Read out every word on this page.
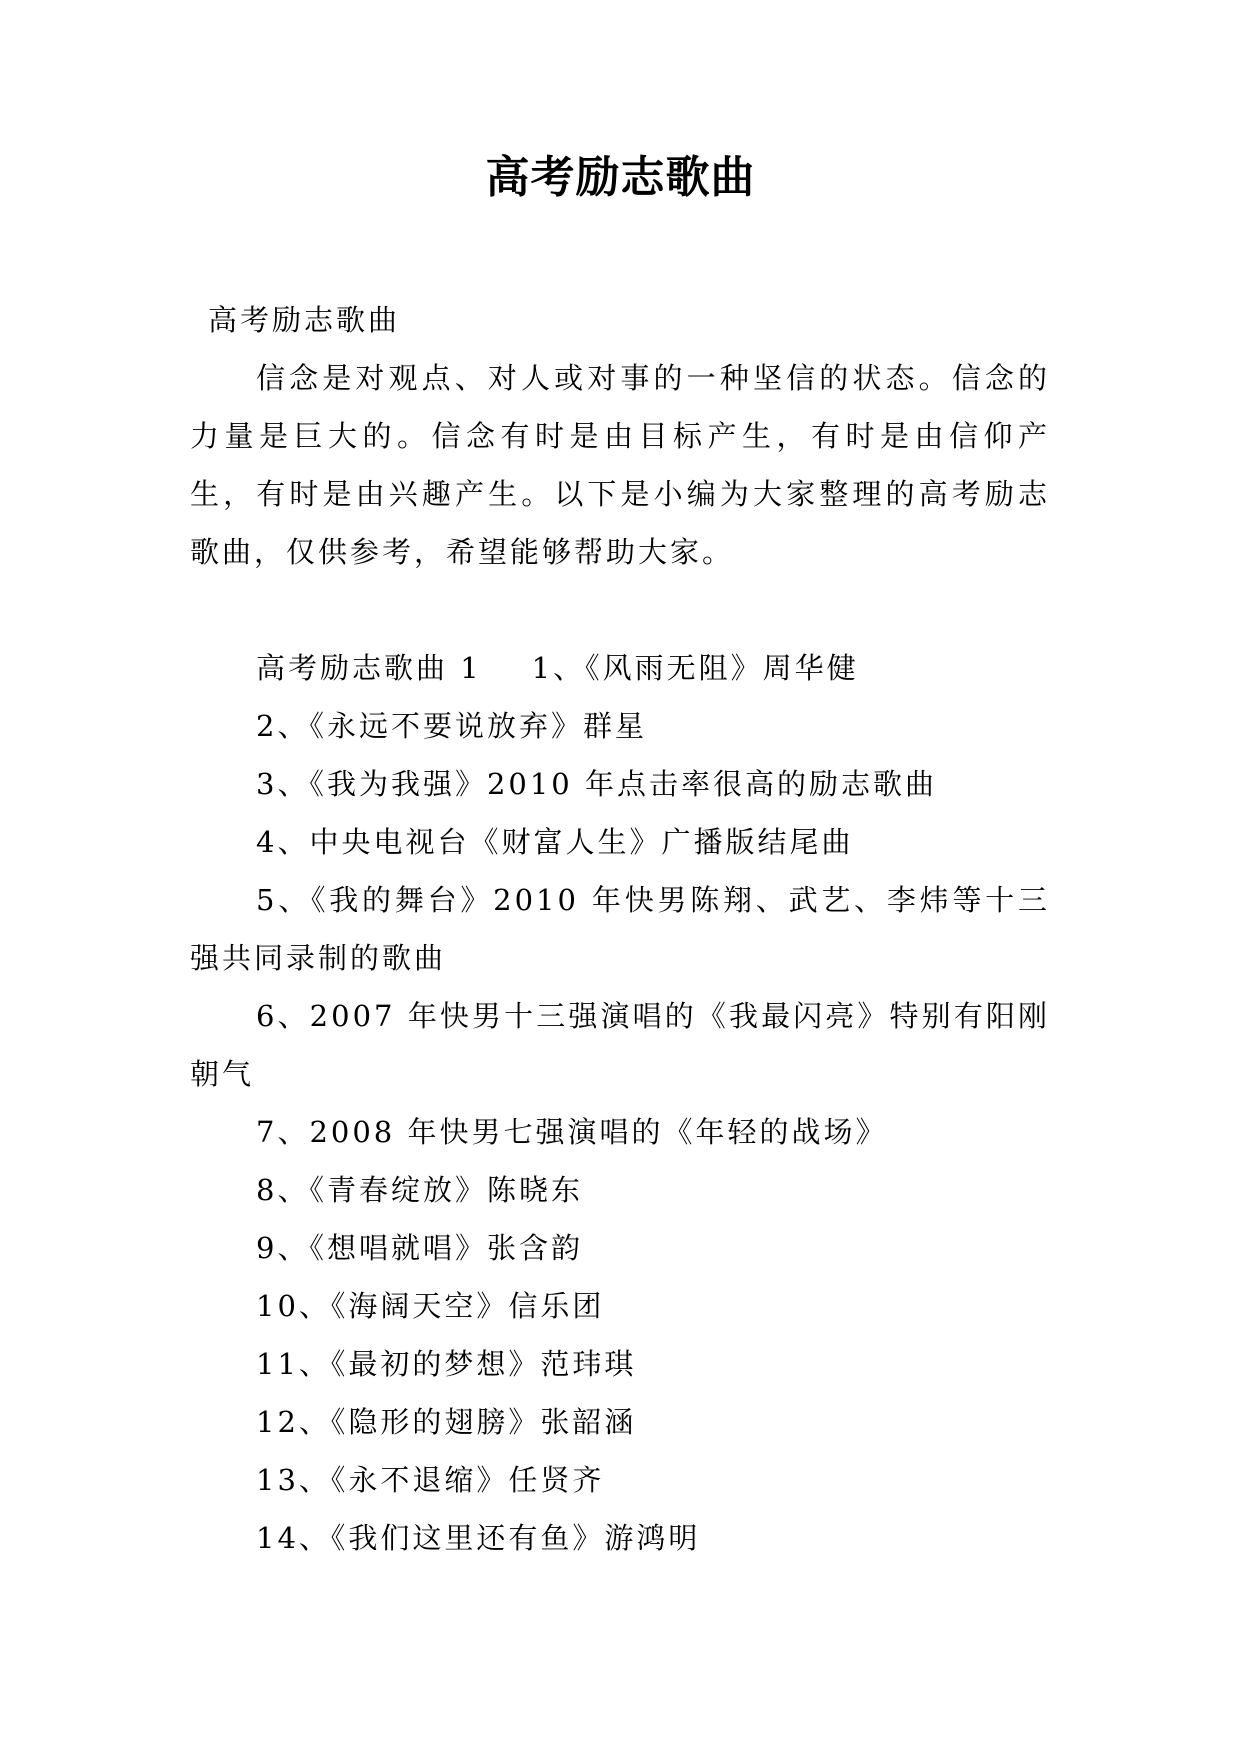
高考励志歌曲

高考励志歌曲

信念是对观点、对人或对事的一种坚信的状态。信念的力量是巨大的。信念有时是由目标产生，有时是由信仰产生，有时是由兴趣产生。以下是小编为大家整理的高考励志歌曲，仅供参考，希望能够帮助大家。

高考励志歌曲 1 1、《风雨无阻》周华健

2、《永远不要说放弃》群星

3、《我为我强》2010 年点击率很高的励志歌曲

4、中央电视台《财富人生》广播版结尾曲

5、《我的舞台》2010 年快男陈翔、武艺、李炜等十三强共同录制的歌曲

6、2007 年快男十三强演唱的《我最闪亮》特别有阳刚朝气

7、2008 年快男七强演唱的《年轻的战场》

8、《青春绽放》陈晓东

9、《想唱就唱》张含韵

10、《海阔天空》信乐团

11、《最初的梦想》范玮琪

12、《隐形的翅膀》张韶涵

13、《永不退缩》任贤齐

14、《我们这里还有鱼》游鸿明
